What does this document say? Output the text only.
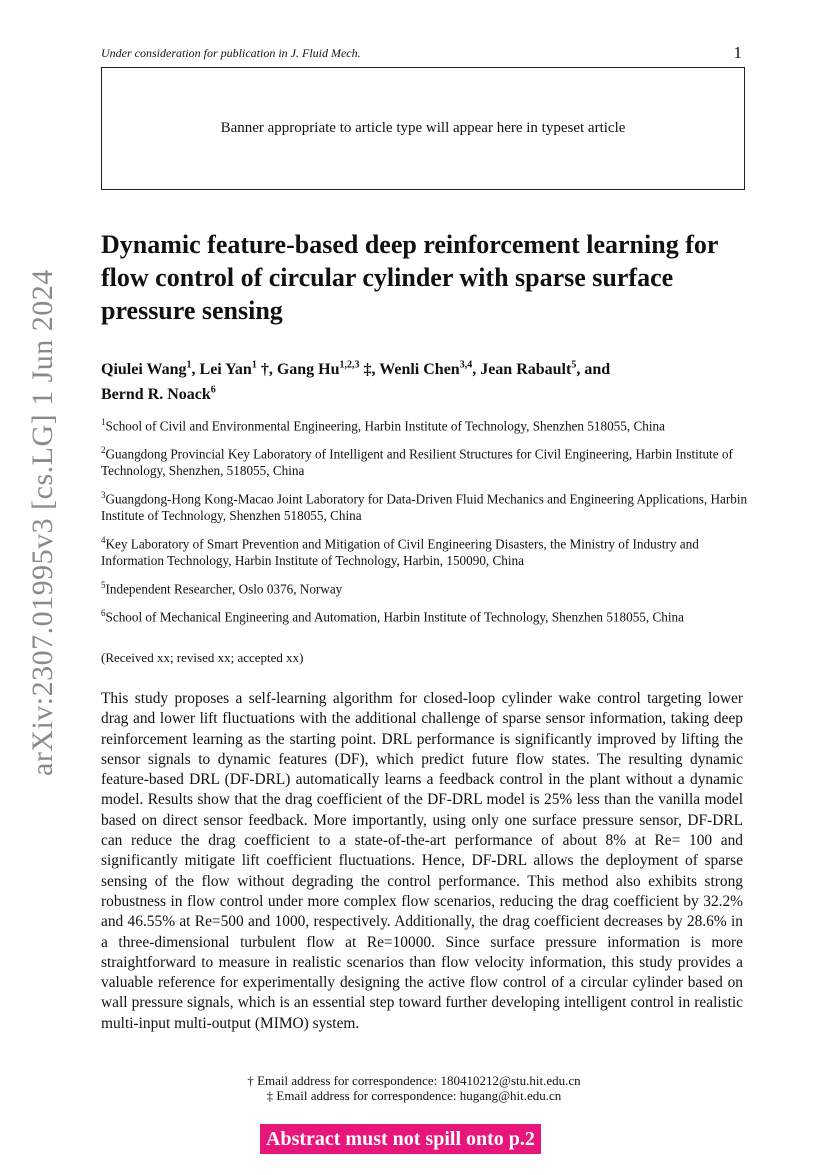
Under consideration for publication in J. Fluid Mech.	1
Banner appropriate to article type will appear here in typeset article
arXiv:2307.01995v3 [cs.LG] 1 Jun 2024
Dynamic feature-based deep reinforcement learning for flow control of circular cylinder with sparse surface pressure sensing
Qiulei Wang$^1$, Lei Yan$^1$ †, Gang Hu$^{1,2,3}$ ‡, Wenli Chen$^{3,4}$, Jean Rabault$^5$, and
Bernd R. Noack$^6$
$^1$School of Civil and Environmental Engineering, Harbin Institute of Technology, Shenzhen 518055, China
$^2$Guangdong Provincial Key Laboratory of Intelligent and Resilient Structures for Civil Engineering, Harbin Institute of Technology, Shenzhen, 518055, China
$^3$Guangdong-Hong Kong-Macao Joint Laboratory for Data-Driven Fluid Mechanics and Engineering Applications, Harbin Institute of Technology, Shenzhen 518055, China
$^4$Key Laboratory of Smart Prevention and Mitigation of Civil Engineering Disasters, the Ministry of Industry and Information Technology, Harbin Institute of Technology, Harbin, 150090, China
$^5$Independent Researcher, Oslo 0376, Norway
$^6$School of Mechanical Engineering and Automation, Harbin Institute of Technology, Shenzhen 518055, China
(Received xx; revised xx; accepted xx)

This study proposes a self-learning algorithm for closed-loop cylinder wake control targeting lower drag and lower lift fluctuations with the additional challenge of sparse sensor information, taking deep reinforcement learning as the starting point. DRL performance is significantly improved by lifting the sensor signals to dynamic features (DF), which predict future flow states. The resulting dynamic feature-based DRL (DF-DRL) automatically learns a feedback control in the plant without a dynamic model. Results show that the drag coefficient of the DF-DRL model is 25% less than the vanilla model based on direct sensor feedback. More importantly, using only one surface pressure sensor, DF-DRL can reduce the drag coefficient to a state-of-the-art performance of about 8% at Re= 100 and significantly mitigate lift coefficient fluctuations. Hence, DF-DRL allows the deployment of sparse sensing of the flow without degrading the control performance. This method also exhibits strong robustness in flow control under more complex flow scenarios, reducing the drag coefficient by 32.2% and 46.55% at Re=500 and 1000, respectively. Additionally, the drag coefficient decreases by 28.6% in a three-dimensional turbulent flow at Re=10000. Since surface pressure information is more straightforward to measure in realistic scenarios than flow velocity information, this study provides a valuable reference for experimentally designing the active flow control of a circular cylinder based on wall pressure signals, which is an essential step toward further developing intelligent control in realistic multi-input multi-output (MIMO) system.

† Email address for correspondence: 180410212@stu.hit.edu.cn
‡ Email address for correspondence: hugang@hit.edu.cn
Abstract must not spill onto p.2
